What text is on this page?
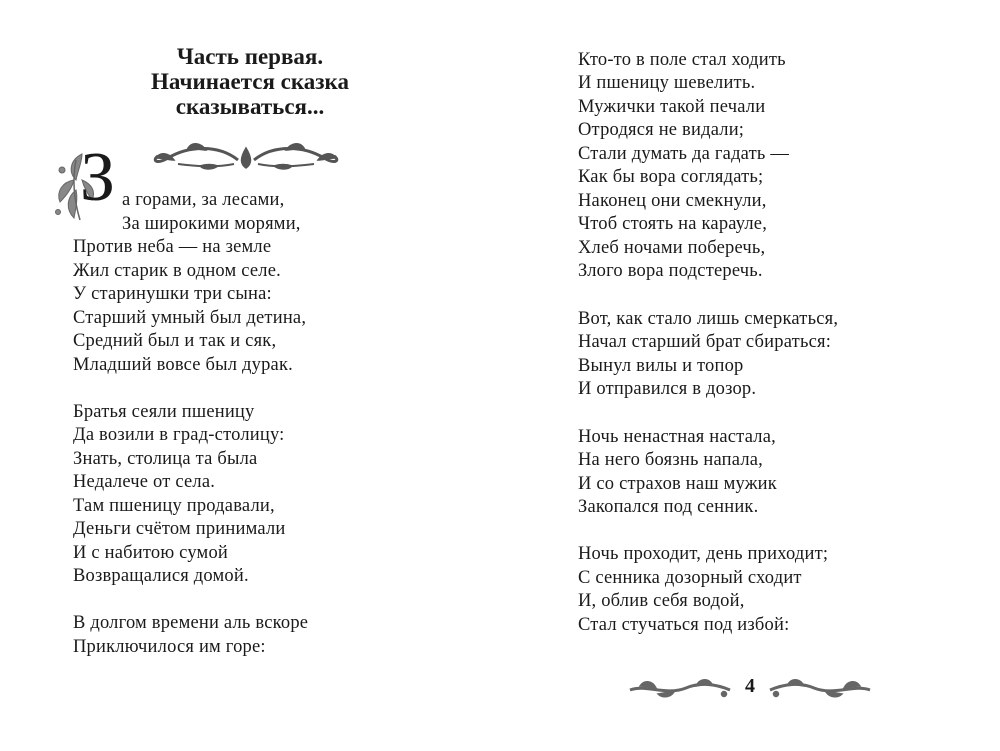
Часть первая.
Начинается сказка
сказываться...
З а горами, за лесами,
За широкими морями,
Против неба — на земле
Жил старик в одном селе.
У старинушки три сына:
Старший умный был детина,
Средний был и так и сяк,
Младший вовсе был дурак.
Братья сеяли пшеницу
Да возили в град-столицу:
Знать, столица та была
Недалече от села.
Там пшеницу продавали,
Деньги счётом принимали
И с набитою сумой
Возвращалися домой.
В долгом времени аль вскоре
Приключилося им горе:
Кто-то в поле стал ходить
И пшеницу шевелить.
Мужички такой печали
Отродяся не видали;
Стали думать да гадать —
Как бы вора соглядать;
Наконец они смекнули,
Чтоб стоять на карауле,
Хлеб ночами поберечь,
Злого вора подстеречь.
Вот, как стало лишь смеркаться,
Начал старший брат сбираться:
Вынул вилы и топор
И отправился в дозор.
Ночь ненастная настала,
На него боязнь напала,
И со страхов наш мужик
Закопался под сенник.
Ночь проходит, день приходит;
С сенника дозорный сходит
И, облив себя водой,
Стал стучаться под избой:
4
